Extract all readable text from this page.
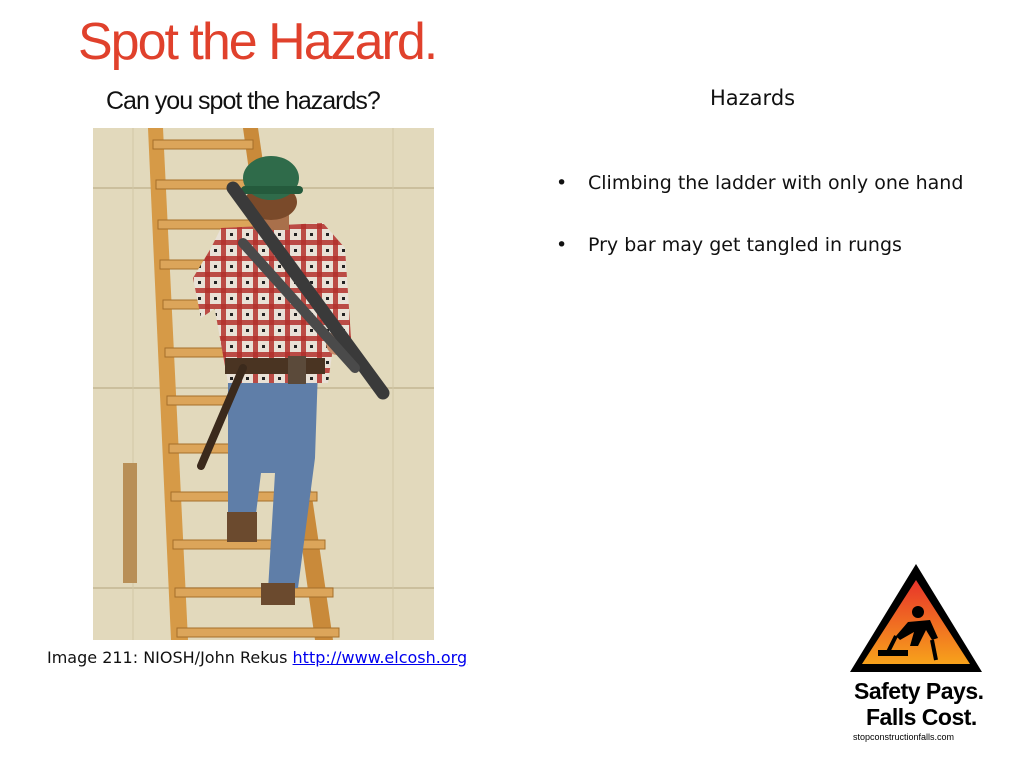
Spot the Hazard.
Can you spot the hazards?
Image 211: NIOSH/John Rekus http://www.elcosh.org
Hazards
• Climbing the ladder with only one hand
• Pry bar may get tangled in rungs
Safety Pays.
Falls Cost.
stopconstructionfalls.com
